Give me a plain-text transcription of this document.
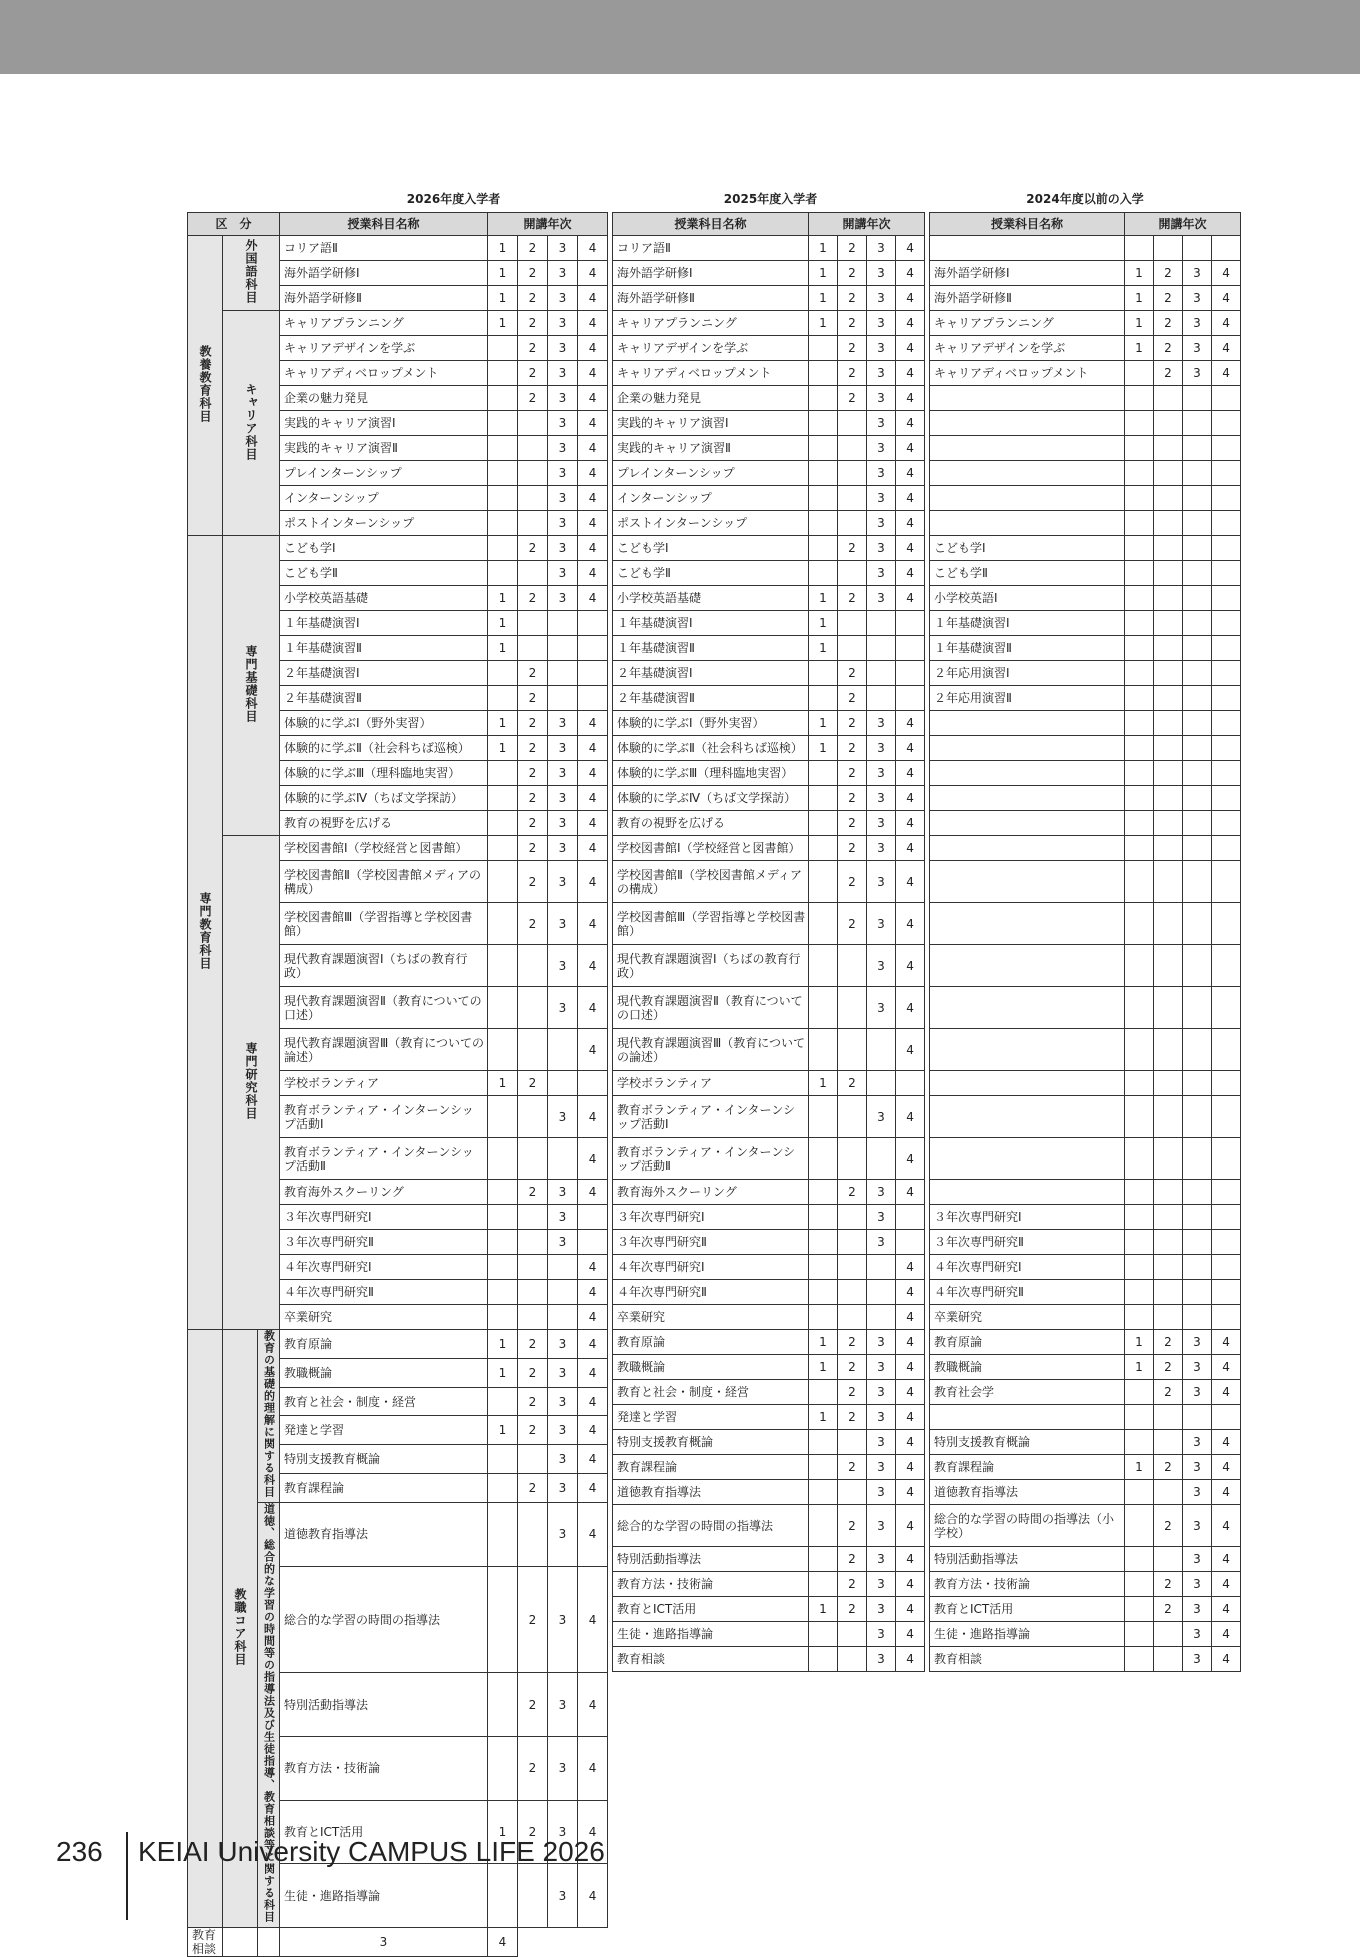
2026年度入学者	2025年度入学者	2024年度以前の入学
区　分			授業科目名称	開講年次			
教養教育科目	外国語科目		コリア語Ⅱ	1	2	3	4
			海外語学研修Ⅰ	1	2	3	4
			海外語学研修Ⅱ	1	2	3	4
	キャリア科目		キャリアプランニング	1	2	3	4
			キャリアデザインを学ぶ		2	3	4
			キャリアディベロップメント		2	3	4
			企業の魅力発見		2	3	4
			実践的キャリア演習Ⅰ			3	4
			実践的キャリア演習Ⅱ			3	4
			プレインターンシップ			3	4
			インターンシップ			3	4
			ポストインターンシップ			3	4
専門教育科目	専門基礎科目		こども学Ⅰ		2	3	4
			こども学Ⅱ			3	4
			小学校英語基礎	1	2	3	4
			１年基礎演習Ⅰ	1			
			１年基礎演習Ⅱ	1			
			２年基礎演習Ⅰ		2		
			２年基礎演習Ⅱ		2		
			体験的に学ぶⅠ（野外実習）	1	2	3	4
			体験的に学ぶⅡ（社会科ちば巡検）	1	2	3	4
			体験的に学ぶⅢ（理科臨地実習）		2	3	4
			体験的に学ぶⅣ（ちば文学探訪）		2	3	4
			教育の視野を広げる		2	3	4
	専門研究科目		学校図書館Ⅰ（学校経営と図書館）		2	3	4
			学校図書館Ⅱ（学校図書館メディアの構成）		2	3	4
			学校図書館Ⅲ（学習指導と学校図書館）		2	3	4
			現代教育課題演習Ⅰ（ちばの教育行政）			3	4
			現代教育課題演習Ⅱ（教育についての口述）			3	4
			現代教育課題演習Ⅲ（教育についての論述）				4
			学校ボランティア	1	2		
			教育ボランティア・インターンシップ活動Ⅰ			3	4
			教育ボランティア・インターンシップ活動Ⅱ				4
			教育海外スクーリング		2	3	4
			３年次専門研究Ⅰ			3	
			３年次専門研究Ⅱ			3	
			４年次専門研究Ⅰ				4
			４年次専門研究Ⅱ				4
			卒業研究				4
	教職コア科目	教育の基礎的理解に関する科目	教育原論	1	2	3	4
			教職概論	1	2	3	4
			教育と社会・制度・経営		2	3	4
			発達と学習	1	2	3	4
			特別支援教育概論			3	4
			教育課程論		2	3	4
		道徳、総合的な学習の時間等の指導法及び生徒指導、教育相談等に関する科目	道徳教育指導法			3	4
			総合的な学習の時間の指導法		2	3	4
			特別活動指導法		2	3	4
			教育方法・技術論		2	3	4
			教育とICT活用	1	2	3	4
			生徒・進路指導論			3	4
教育相談			3	4			
授業科目名称	開講年次			
コリア語Ⅱ	1	2	3	4
海外語学研修Ⅰ	1	2	3	4
海外語学研修Ⅱ	1	2	3	4
キャリアプランニング	1	2	3	4
キャリアデザインを学ぶ		2	3	4
キャリアディベロップメント		2	3	4
企業の魅力発見		2	3	4
実践的キャリア演習Ⅰ			3	4
実践的キャリア演習Ⅱ			3	4
プレインターンシップ			3	4
インターンシップ			3	4
ポストインターンシップ			3	4
こども学Ⅰ		2	3	4
こども学Ⅱ			3	4
小学校英語基礎	1	2	3	4
１年基礎演習Ⅰ	1			
１年基礎演習Ⅱ	1			
２年基礎演習Ⅰ		2		
２年基礎演習Ⅱ		2		
体験的に学ぶⅠ（野外実習）	1	2	3	4
体験的に学ぶⅡ（社会科ちば巡検）	1	2	3	4
体験的に学ぶⅢ（理科臨地実習）		2	3	4
体験的に学ぶⅣ（ちば文学探訪）		2	3	4
教育の視野を広げる		2	3	4
学校図書館Ⅰ（学校経営と図書館）		2	3	4
学校図書館Ⅱ（学校図書館メディアの構成）		2	3	4
学校図書館Ⅲ（学習指導と学校図書館）		2	3	4
現代教育課題演習Ⅰ（ちばの教育行政）			3	4
現代教育課題演習Ⅱ（教育についての口述）			3	4
現代教育課題演習Ⅲ（教育についての論述）				4
学校ボランティア	1	2		
教育ボランティア・インターンシップ活動Ⅰ			3	4
教育ボランティア・インターンシップ活動Ⅱ				4
教育海外スクーリング		2	3	4
３年次専門研究Ⅰ			3	
３年次専門研究Ⅱ			3	
４年次専門研究Ⅰ				4
４年次専門研究Ⅱ				4
卒業研究				4
教育原論	1	2	3	4
教職概論	1	2	3	4
教育と社会・制度・経営		2	3	4
発達と学習	1	2	3	4
特別支援教育概論			3	4
教育課程論		2	3	4
道徳教育指導法			3	4
総合的な学習の時間の指導法		2	3	4
特別活動指導法		2	3	4
教育方法・技術論		2	3	4
教育とICT活用	1	2	3	4
生徒・進路指導論			3	4
教育相談			3	4
授業科目名称	開講年次			

海外語学研修Ⅰ	1	2	3	4
海外語学研修Ⅱ	1	2	3	4
キャリアプランニング	1	2	3	4
キャリアデザインを学ぶ	1	2	3	4
キャリアディベロップメント		2	3	4

こども学Ⅰ				
こども学Ⅱ				
小学校英語Ⅰ				
１年基礎演習Ⅰ				
１年基礎演習Ⅱ				
２年応用演習Ⅰ				
２年応用演習Ⅱ				

３年次専門研究Ⅰ				
３年次専門研究Ⅱ				
４年次専門研究Ⅰ				
４年次専門研究Ⅱ				
卒業研究				
教育原論	1	2	3	4
教職概論	1	2	3	4
教育社会学		2	3	4

特別支援教育概論			3	4
教育課程論	1	2	3	4
道徳教育指導法			3	4
総合的な学習の時間の指導法（小学校）		2	3	4
特別活動指導法			3	4
教育方法・技術論		2	3	4
教育とICT活用		2	3	4
生徒・進路指導論			3	4
教育相談			3	4
236 KEIAI University CAMPUS LIFE 2026
